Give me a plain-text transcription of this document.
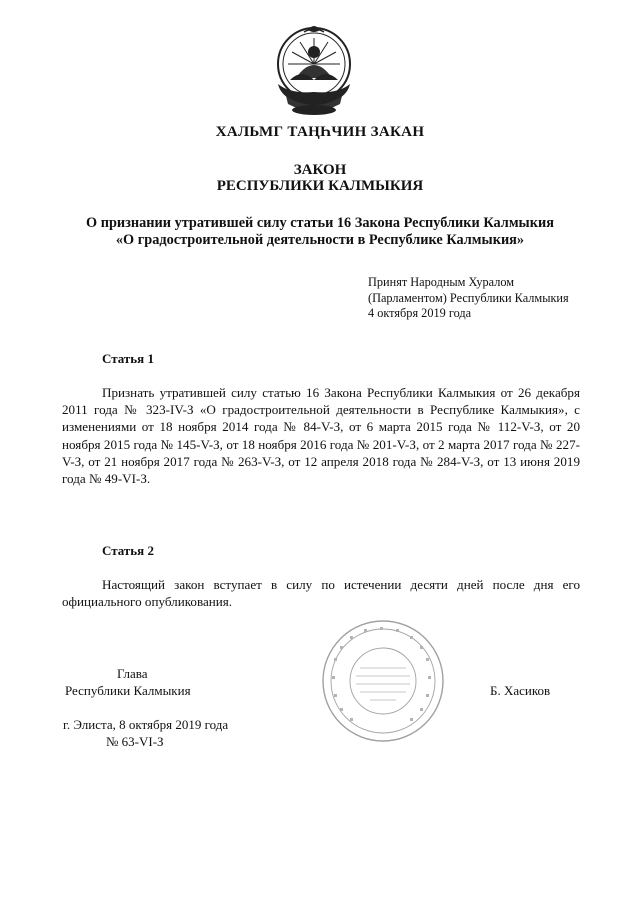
ХАЛЬМГ ТАҢҺЧИН ЗАКАН
ЗАКОН
РЕСПУБЛИКИ КАЛМЫКИЯ
О признании утратившей силу статьи 16 Закона Республики Калмыкия
«О градостроительной деятельности в Республике Калмыкия»
Принят Народным Хуралом
(Парламентом) Республики Калмыкия
4 октября 2019 года
Статья 1
Признать утратившей силу статью 16 Закона Республики Калмыкия от 26 декабря 2011 года № 323-IV-З «О градостроительной деятельности в Республике Калмыкия», с изменениями от 18 ноября 2014 года № 84-V-З, от 6 марта 2015 года № 112-V-З, от 20 ноября 2015 года № 145-V-З, от 18 ноября 2016 года № 201-V-З, от 2 марта 2017 года № 227-V-З, от 21 ноября 2017 года № 263-V-З, от 12 апреля 2018 года № 284-V-З, от 13 июня 2019 года № 49-VI-З.
Статья 2
Настоящий закон вступает в силу по истечении десяти дней после дня его официального опубликования.
Глава
Республики Калмыкия	Б. Хасиков
г. Элиста, 8 октября 2019 года
№ 63-VI-З
